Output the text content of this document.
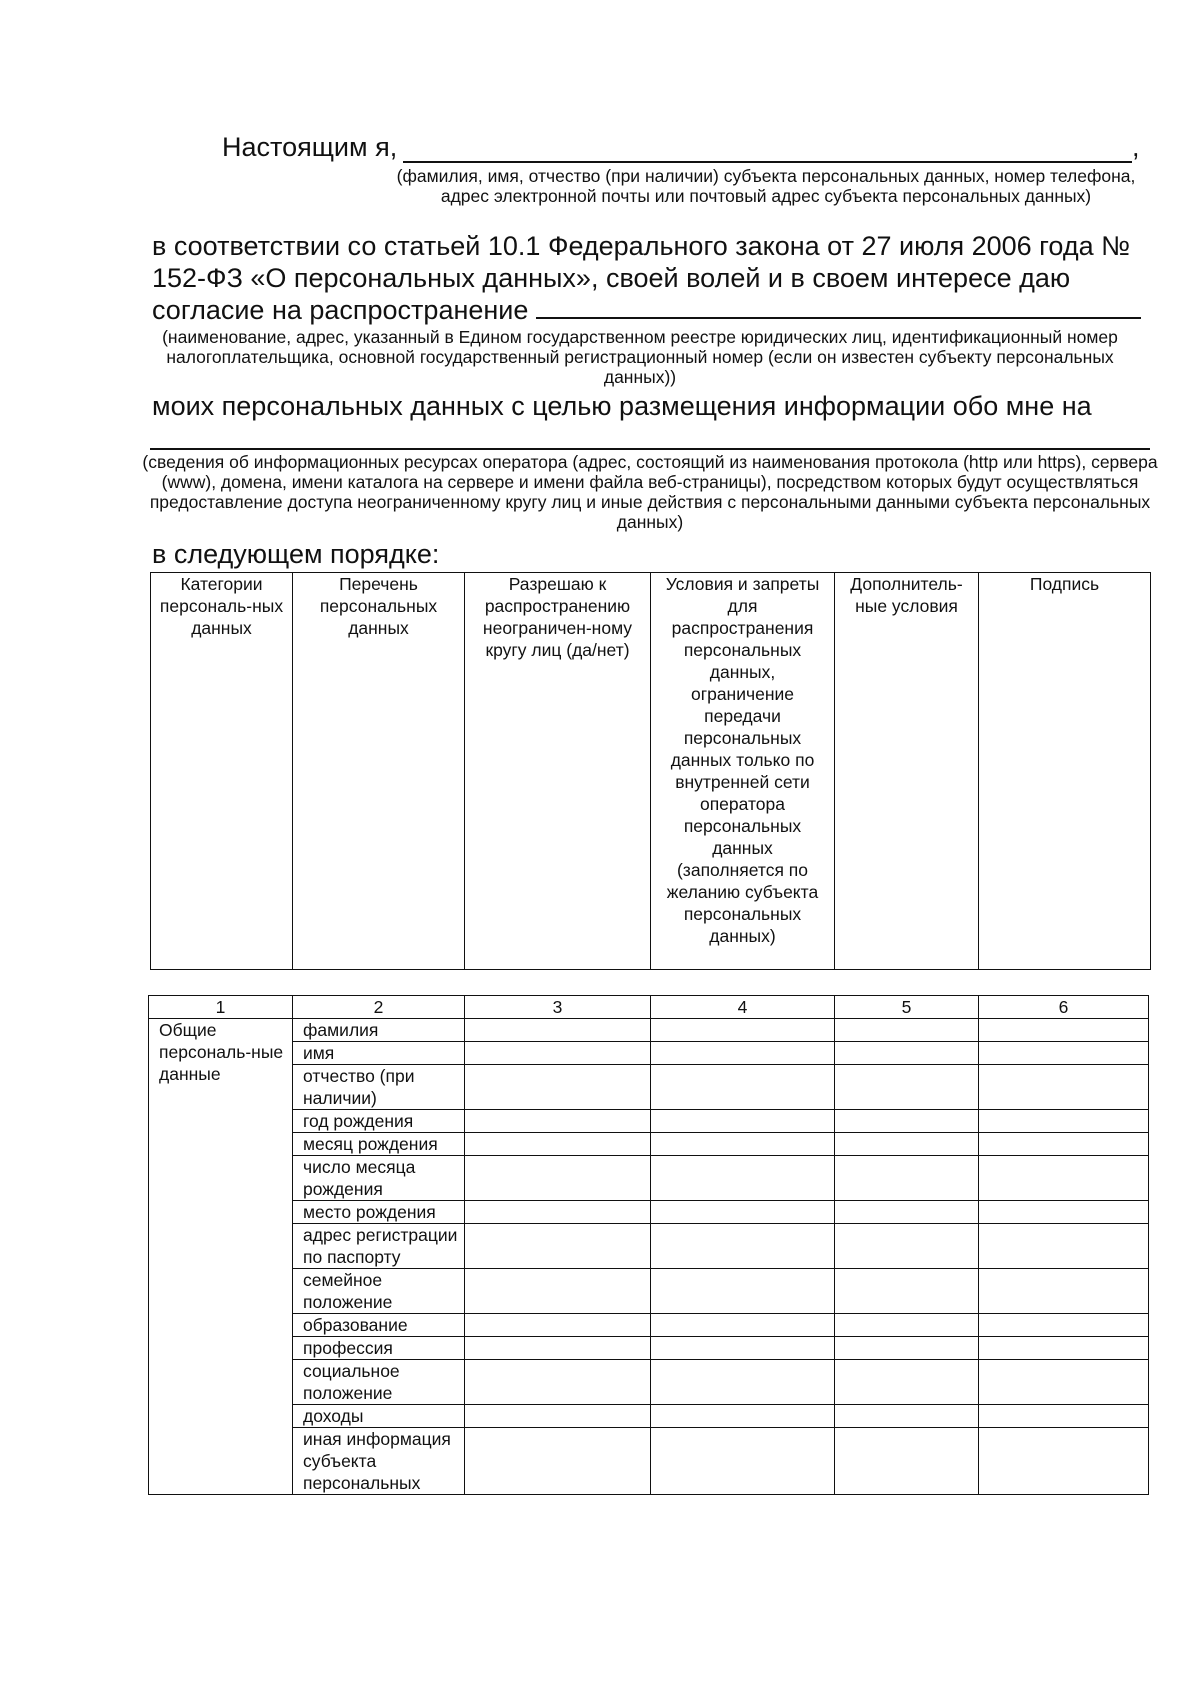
Настоящим я,	,
(фамилия, имя, отчество (при наличии) субъекта персональных данных, номер телефона, адрес электронной почты или почтовый адрес субъекта персональных данных)
в соответствии со статьей 10.1 Федерального закона от 27 июля 2006 года № 152-ФЗ «О персональных данных», своей волей и в своем интересе даю согласие на распространение
(наименование, адрес, указанный в Едином государственном реестре юридических лиц, идентификационный номер налогоплательщика, основной государственный регистрационный номер (если он известен субъекту персональных данных))
моих персональных данных с целью размещения информации обо мне на
(сведения об информационных ресурсах оператора (адрес, состоящий из наименования протокола (http или https), сервера (www), домена, имени каталога на сервере и имени файла веб-страницы), посредством которых будут осуществляться предоставление доступа неограниченному кругу лиц и иные действия с персональными данными субъекта персональных данных)
в следующем порядке:
Категории персональ-ных данных	Перечень персональных данных	Разрешаю к распространению неограничен-ному кругу лиц (да/нет)	Условия и запреты для распространения персональных данных, ограничение передачи персональных данных только по внутренней сети оператора персональных данных (заполняется по желанию субъекта персональных данных)	Дополнитель-ные условия	Подпись
1	2	3	4	5	6
Общие персональ-ные данные	фамилия				
	имя				
	отчество (при наличии)				
	год рождения				
	месяц рождения				
	число месяца рождения				
	место рождения				
	адрес регистрации по паспорту				
	семейное положение				
	образование				
	профессия				
	социальное положение				
	доходы				
	иная информация субъекта персональных				
